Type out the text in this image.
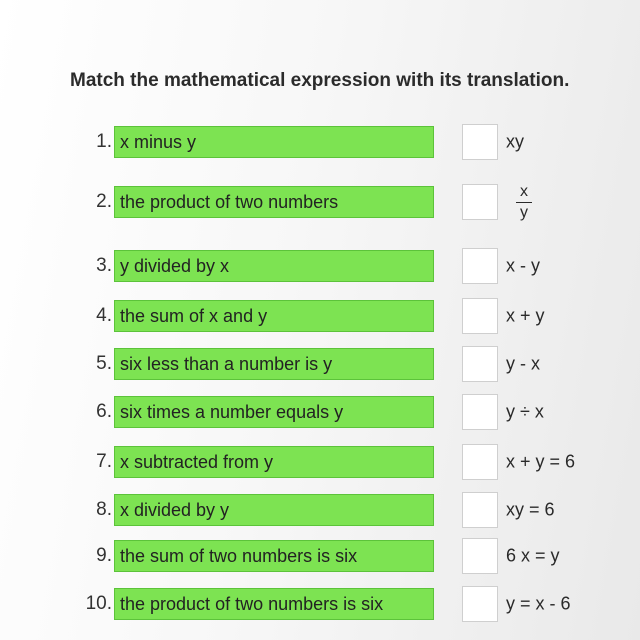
Match the mathematical expression with its translation.
1. x minus y	xy
2. the product of two numbers	x
y
3. y divided by x	x - y
4. the sum of x and y	x + y
5. six less than a number is y	y - x
6. six times a number equals y	y ÷ x
7. x subtracted from y	x + y = 6
8. x divided by y	xy = 6
9. the sum of two numbers is six	6 x = y
10. the product of two numbers is six	y = x - 6
